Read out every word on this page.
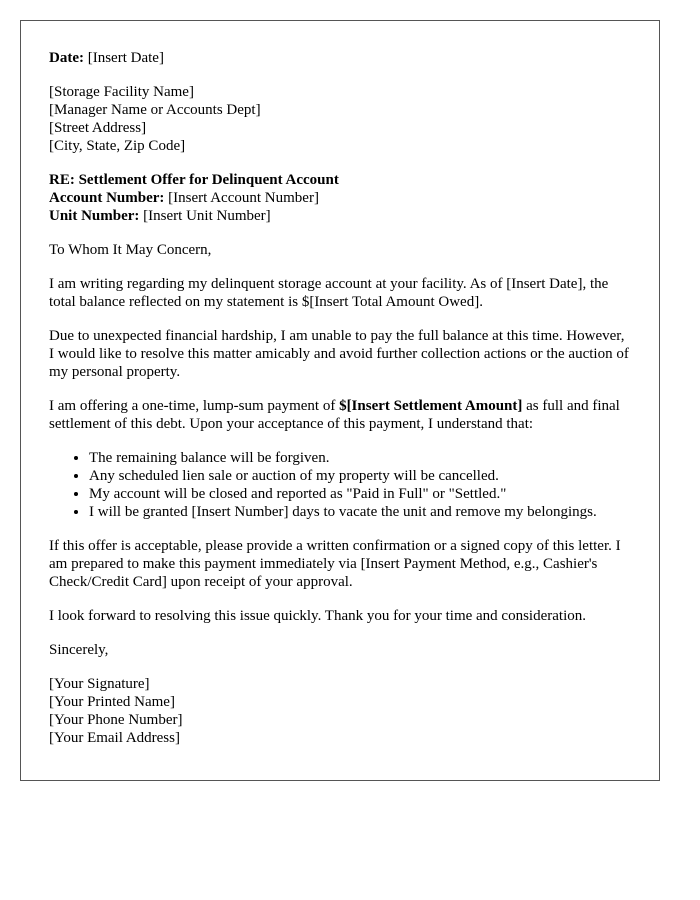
Date: [Insert Date]

[Storage Facility Name]
[Manager Name or Accounts Dept]
[Street Address]
[City, State, Zip Code]

RE: Settlement Offer for Delinquent Account
Account Number: [Insert Account Number]
Unit Number: [Insert Unit Number]

To Whom It May Concern,

I am writing regarding my delinquent storage account at your facility. As of [Insert Date], the total balance reflected on my statement is $[Insert Total Amount Owed].

Due to unexpected financial hardship, I am unable to pay the full balance at this time. However, I would like to resolve this matter amicably and avoid further collection actions or the auction of my personal property.

I am offering a one-time, lump-sum payment of $[Insert Settlement Amount] as full and final settlement of this debt. Upon your acceptance of this payment, I understand that:

• The remaining balance will be forgiven.
• Any scheduled lien sale or auction of my property will be cancelled.
• My account will be closed and reported as "Paid in Full" or "Settled."
• I will be granted [Insert Number] days to vacate the unit and remove my belongings.

If this offer is acceptable, please provide a written confirmation or a signed copy of this letter. I am prepared to make this payment immediately via [Insert Payment Method, e.g., Cashier's Check/Credit Card] upon receipt of your approval.

I look forward to resolving this issue quickly. Thank you for your time and consideration.

Sincerely,

[Your Signature]
[Your Printed Name]
[Your Phone Number]
[Your Email Address]
